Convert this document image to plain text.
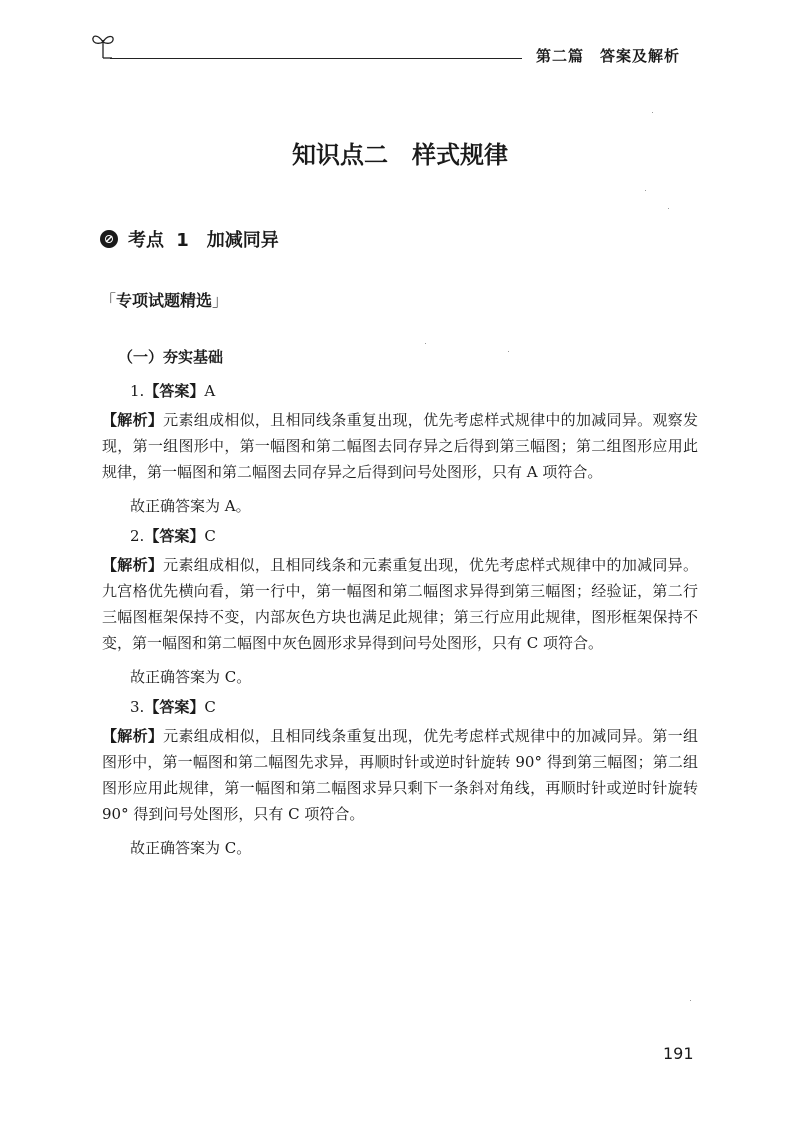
第二篇　答案及解析
知识点二　样式规律
考点 1　加减同异
「专项试题精选」
（一）夯实基础

1.【答案】A

【解析】元素组成相似，且相同线条重复出现，优先考虑样式规律中的加减同异。观察发现，第一组图形中，第一幅图和第二幅图去同存异之后得到第三幅图；第二组图形应用此规律，第一幅图和第二幅图去同存异之后得到问号处图形，只有 A 项符合。

故正确答案为 A。

2.【答案】C

【解析】元素组成相似，且相同线条和元素重复出现，优先考虑样式规律中的加减同异。九宫格优先横向看，第一行中，第一幅图和第二幅图求异得到第三幅图；经验证，第二行三幅图框架保持不变，内部灰色方块也满足此规律；第三行应用此规律，图形框架保持不变，第一幅图和第二幅图中灰色圆形求异得到问号处图形，只有 C 项符合。

故正确答案为 C。

3.【答案】C

【解析】元素组成相似，且相同线条重复出现，优先考虑样式规律中的加减同异。第一组图形中，第一幅图和第二幅图先求异，再顺时针或逆时针旋转 90° 得到第三幅图；第二组图形应用此规律，第一幅图和第二幅图求异只剩下一条斜对角线，再顺时针或逆时针旋转 90° 得到问号处图形，只有 C 项符合。

故正确答案为 C。

191
